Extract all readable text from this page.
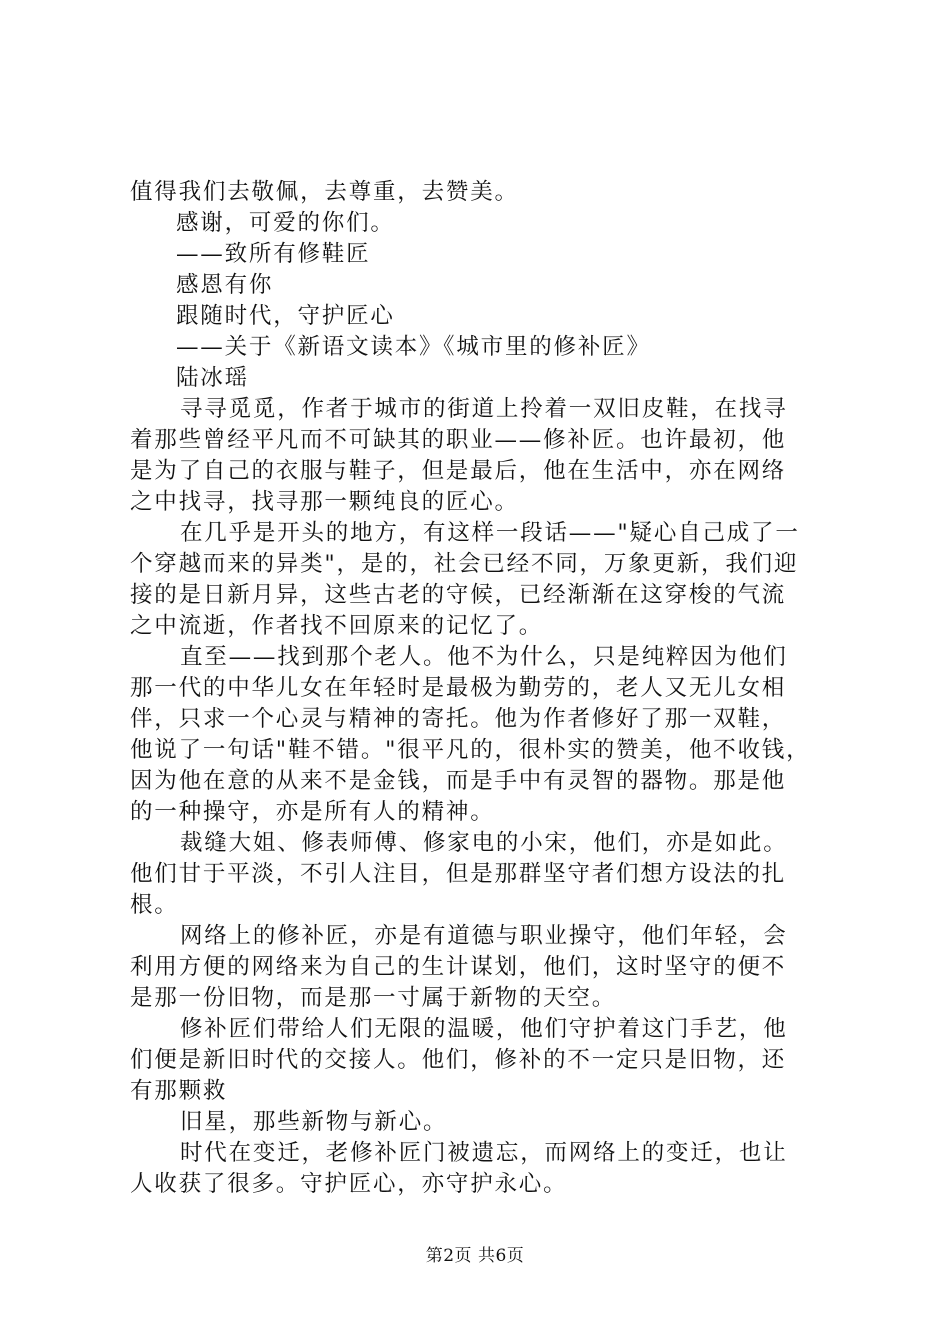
值得我们去敬佩，去尊重，去赞美。
感谢，可爱的你们。
——致所有修鞋匠
感恩有你
跟随时代，守护匠心
——关于《新语文读本》《城市里的修补匠》
陆冰瑶
寻寻觅觅，作者于城市的街道上拎着一双旧皮鞋，在找寻
着那些曾经平凡而不可缺其的职业——修补匠。也许最初，他
是为了自己的衣服与鞋子，但是最后，他在生活中，亦在网络
之中找寻，找寻那一颗纯良的匠心。
在几乎是开头的地方，有这样一段话——"疑心自己成了一
个穿越而来的异类"，是的，社会已经不同，万象更新，我们迎
接的是日新月异，这些古老的守候，已经渐渐在这穿梭的气流
之中流逝，作者找不回原来的记忆了。
直至——找到那个老人。他不为什么，只是纯粹因为他们
那一代的中华儿女在年轻时是最极为勤劳的，老人又无儿女相
伴，只求一个心灵与精神的寄托。他为作者修好了那一双鞋，
他说了一句话"鞋不错。"很平凡的，很朴实的赞美，他不收钱，
因为他在意的从来不是金钱，而是手中有灵智的器物。那是他
的一种操守，亦是所有人的精神。
裁缝大姐、修表师傅、修家电的小宋，他们，亦是如此。
他们甘于平淡，不引人注目，但是那群坚守者们想方设法的扎
根。
网络上的修补匠，亦是有道德与职业操守，他们年轻，会
利用方便的网络来为自己的生计谋划，他们，这时坚守的便不
是那一份旧物，而是那一寸属于新物的天空。
修补匠们带给人们无限的温暖，他们守护着这门手艺，他
们便是新旧时代的交接人。他们，修补的不一定只是旧物，还
有那颗救
旧星，那些新物与新心。
时代在变迁，老修补匠门被遗忘，而网络上的变迁，也让
人收获了很多。守护匠心，亦守护永心。
第2页 共6页
